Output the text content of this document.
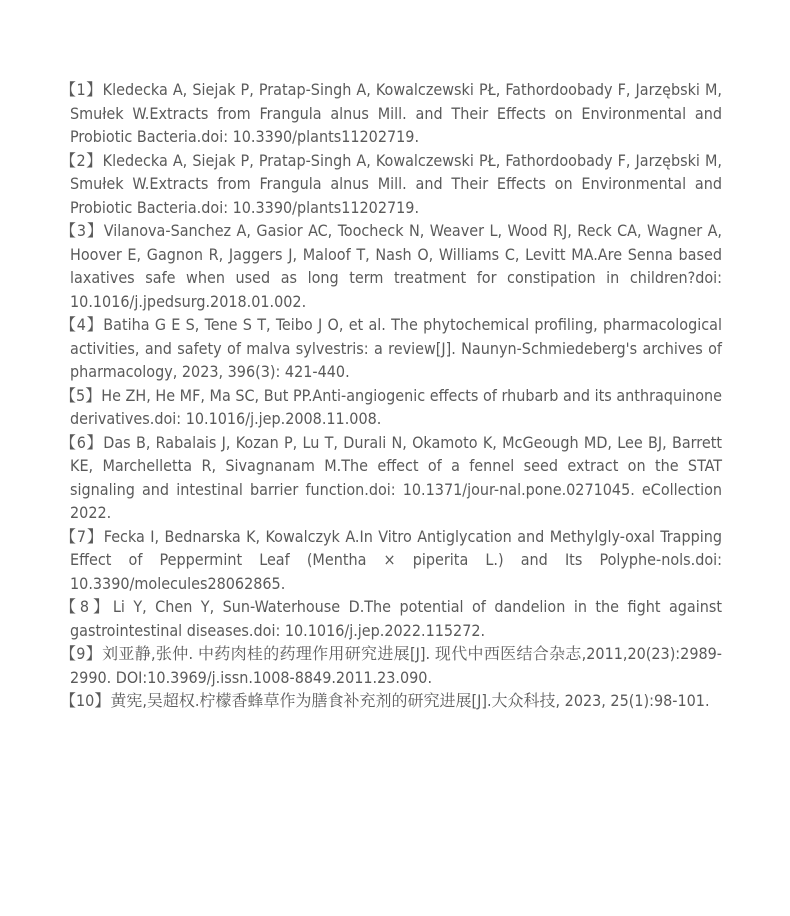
【1】Kledecka A, Siejak P, Pratap-Singh A, Kowalczewski PŁ, Fathordoobady F, Jarzębski M, Smułek W.Extracts from Frangula alnus Mill. and Their Effects on Environmental and Probiotic Bacteria.doi: 10.3390/plants11202719.
【2】Kledecka A, Siejak P, Pratap-Singh A, Kowalczewski PŁ, Fathordoobady F, Jarzębski M, Smułek W.Extracts from Frangula alnus Mill. and Their Effects on Environmental and Probiotic Bacteria.doi: 10.3390/plants11202719.
【3】Vilanova-Sanchez A, Gasior AC, Toocheck N, Weaver L, Wood RJ, Reck CA, Wagner A, Hoover E, Gagnon R, Jaggers J, Maloof T, Nash O, Williams C, Levitt MA.Are Senna based laxatives safe when used as long term treatment for constipation in children?doi: 10.1016/j.jpedsurg.2018.01.002.
【4】Batiha G E S, Tene S T, Teibo J O, et al. The phytochemical profiling, pharmacological activities, and safety of malva sylvestris: a review[J]. Naunyn-Schmiedeberg's archives of pharmacology, 2023, 396(3): 421-440.
【5】He ZH, He MF, Ma SC, But PP.Anti-angiogenic effects of rhubarb and its anthraquinone derivatives.doi: 10.1016/j.jep.2008.11.008.
【6】Das B, Rabalais J, Kozan P, Lu T, Durali N, Okamoto K, McGeough MD, Lee BJ, Barrett KE, Marchelletta R, Sivagnanam M.The effect of a fennel seed extract on the STAT signaling and intestinal barrier function.doi: 10.1371/jour-nal.pone.0271045. eCollection 2022.
【7】Fecka I, Bednarska K, Kowalczyk A.In Vitro Antiglycation and Methylgly-oxal Trapping Effect of Peppermint Leaf (Mentha × piperita L.) and Its Polyphe-nols.doi: 10.3390/molecules28062865.
【8】Li Y, Chen Y, Sun-Waterhouse D.The potential of dandelion in the fight against gastrointestinal diseases.doi: 10.1016/j.jep.2022.115272.
【9】刘亚静,张仲. 中药肉桂的药理作用研究进展[J]. 现代中西医结合杂志,2011,20(23):2989-2990. DOI:10.3969/j.issn.1008-8849.2011.23.090.
【10】黄宪,吴超权.柠檬香蜂草作为膳食补充剂的研究进展[J].大众科技, 2023, 25(1):98-101.
